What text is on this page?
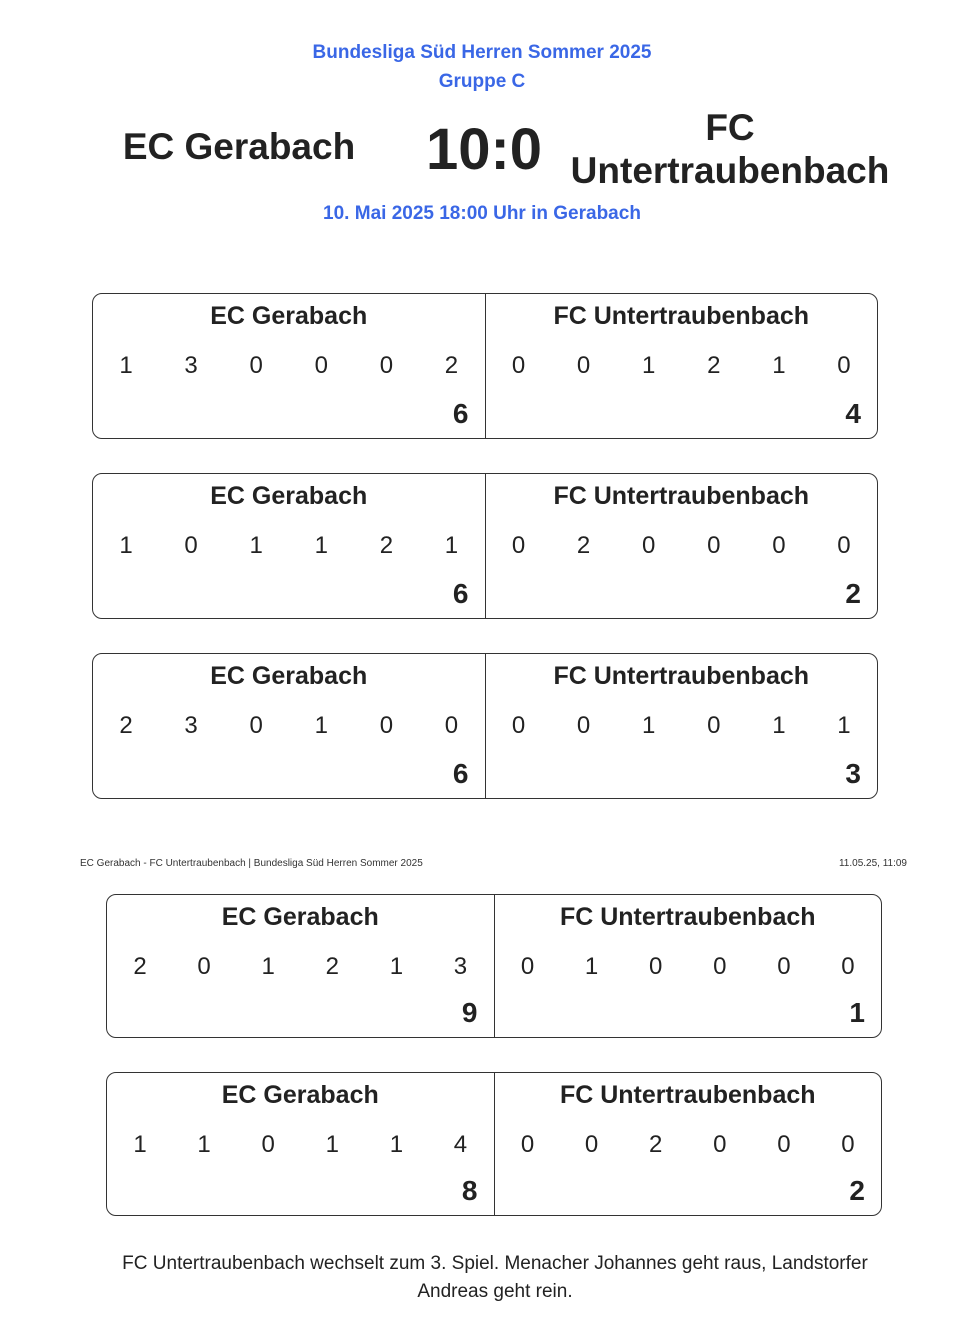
Bundesliga Süd Herren Sommer 2025
Gruppe C
EC Gerabach	10:0	FC Untertraubenbach
10. Mai 2025 18:00 Uhr in Gerabach
EC Gerabach
1 3 0 0 0 2
6
FC Untertraubenbach
0 0 1 2 1 0
4
EC Gerabach
1 0 1 1 2 1
6
FC Untertraubenbach
0 2 0 0 0 0
2
EC Gerabach
2 3 0 1 0 0
6
FC Untertraubenbach
0 0 1 0 1 1
3
EC Gerabach
2 0 1 2 1 3
9
FC Untertraubenbach
0 1 0 0 0 0
1
EC Gerabach
1 1 0 1 1 4
8
FC Untertraubenbach
0 0 2 0 0 0
2
EC Gerabach - FC Untertraubenbach | Bundesliga Süd Herren Sommer 2025	11.05.25, 11:09
FC Untertraubenbach wechselt zum 3. Spiel. Menacher Johannes geht raus, Landstorfer Andreas geht rein.
